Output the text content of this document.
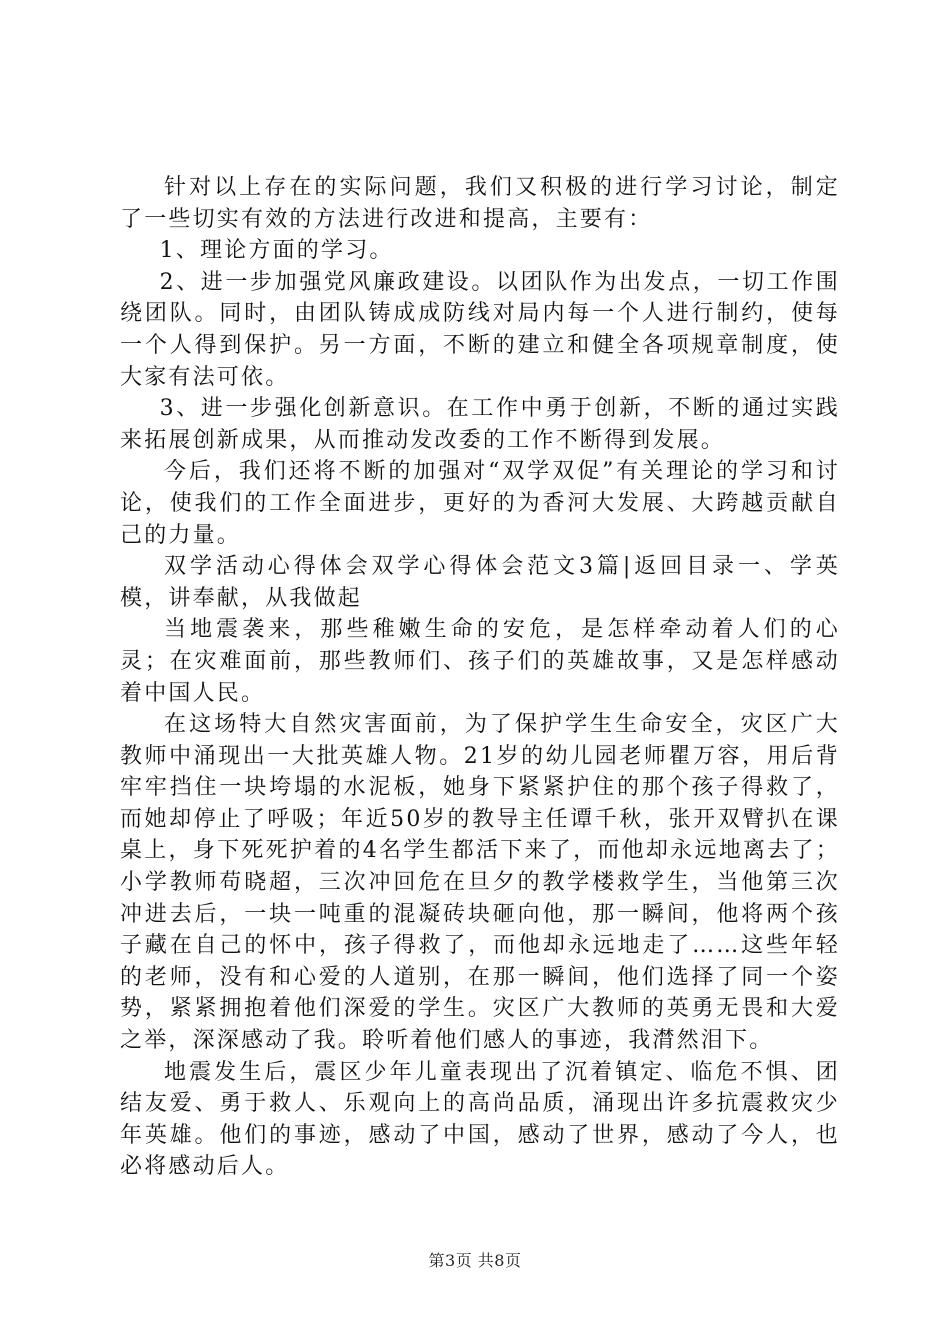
针对以上存在的实际问题，我们又积极的进行学习讨论，制定了一些切实有效的方法进行改进和提高，主要有：

1、理论方面的学习。

2、进一步加强党风廉政建设。以团队作为出发点，一切工作围绕团队。同时，由团队铸成成防线对局内每一个人进行制约，使每一个人得到保护。另一方面，不断的建立和健全各项规章制度，使大家有法可依。

3、进一步强化创新意识。在工作中勇于创新，不断的通过实践来拓展创新成果，从而推动发改委的工作不断得到发展。

今后，我们还将不断的加强对“双学双促”有关理论的学习和讨论，使我们的工作全面进步，更好的为香河大发展、大跨越贡献自己的力量。

双学活动心得体会双学心得体会范文3篇|返回目录一、学英模，讲奉献，从我做起

当地震袭来，那些稚嫩生命的安危，是怎样牵动着人们的心灵；在灾难面前，那些教师们、孩子们的英雄故事，又是怎样感动着中国人民。

在这场特大自然灾害面前，为了保护学生生命安全，灾区广大教师中涌现出一大批英雄人物。21岁的幼儿园老师瞿万容，用后背牢牢挡住一块垮塌的水泥板，她身下紧紧护住的那个孩子得救了，而她却停止了呼吸；年近50岁的教导主任谭千秋，张开双臂扒在课桌上，身下死死护着的4名学生都活下来了，而他却永远地离去了；小学教师苟晓超，三次冲回危在旦夕的教学楼救学生，当他第三次冲进去后，一块一吨重的混凝砖块砸向他，那一瞬间，他将两个孩子藏在自己的怀中，孩子得救了，而他却永远地走了……这些年轻的老师，没有和心爱的人道别，在那一瞬间，他们选择了同一个姿势，紧紧拥抱着他们深爱的学生。灾区广大教师的英勇无畏和大爱之举，深深感动了我。聆听着他们感人的事迹，我潸然泪下。

地震发生后，震区少年儿童表现出了沉着镇定、临危不惧、团结友爱、勇于救人、乐观向上的高尚品质，涌现出许多抗震救灾少年英雄。他们的事迹，感动了中国，感动了世界，感动了今人，也必将感动后人。

第3页 共8页
